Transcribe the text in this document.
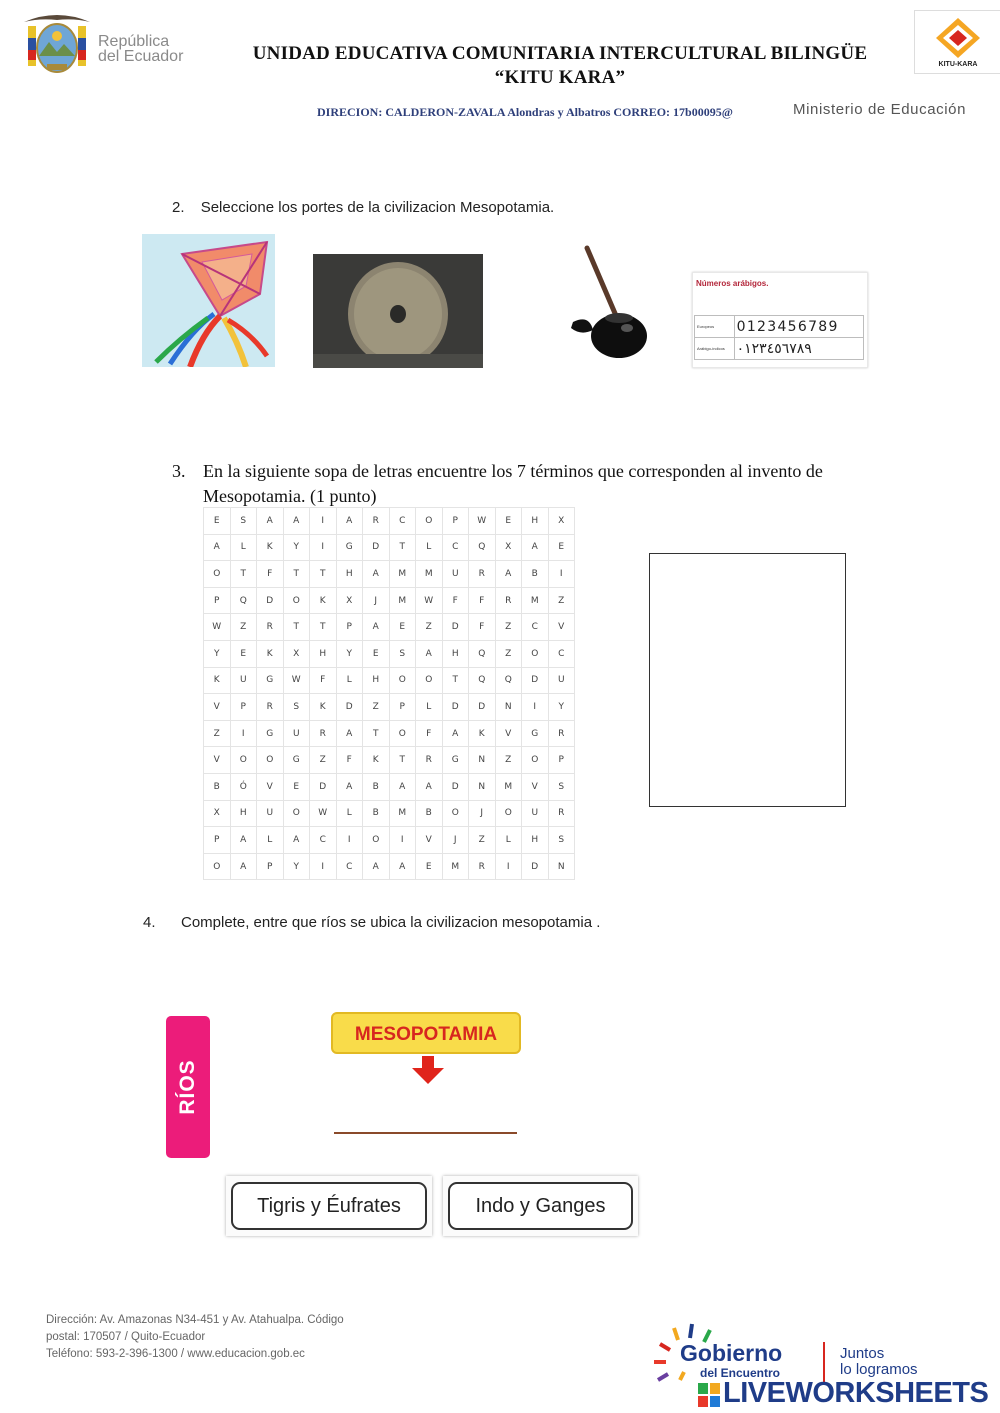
República
del Ecuador	UNIDAD EDUCATIVA COMUNITARIA INTERCULTURAL BILINGÜE
“KITU KARA”
KITU-KARA
DIRECION: CALDERON-ZAVALA Alondras y Albatros CORREO: 17b00095@	Ministerio de Educación
2. Seleccione los portes de la civilizacion Mesopotamia.
Números arábigos.
Europeos	0123456789
Arábigo-índicos	٠١٢٣٤٥٦٧٨٩
3. En la siguiente sopa de letras encuentre los 7 términos que corresponden al invento de Mesopotamia. (1 punto)
E	S	A	A	I	A	R	C	O	P	W	E	H	X
A	L	K	Y	I	G	D	T	L	C	Q	X	A	E
O	T	F	T	T	H	A	M	M	U	R	A	B	I
P	Q	D	O	K	X	J	M	W	F	F	R	M	Z
W	Z	R	T	T	P	A	E	Z	D	F	Z	C	V
Y	E	K	X	H	Y	E	S	A	H	Q	Z	O	C
K	U	G	W	F	L	H	O	O	T	Q	Q	D	U
V	P	R	S	K	D	Z	P	L	D	D	N	I	Y
Z	I	G	U	R	A	T	O	F	A	K	V	G	R
V	O	O	G	Z	F	K	T	R	G	N	Z	O	P
B	Ó	V	E	D	A	B	A	A	D	N	M	V	S
X	H	U	O	W	L	B	M	B	O	J	O	U	R
P	A	L	A	C	I	O	I	V	J	Z	L	H	S
O	A	P	Y	I	C	A	A	E	M	R	I	D	N
4. Complete, entre que ríos se ubica la civilizacion mesopotamia .
RÍOS
MESOPOTAMIA
Tigris y Éufrates	Indo y Ganges
Dirección: Av. Amazonas N34-451 y Av. Atahualpa. Código
postal: 170507 / Quito-Ecuador
Teléfono: 593-2-396-1300 / www.educacion.gob.ec	Gobierno
del Encuentro
Juntos
lo logramos
LIVEWORKSHEETS
